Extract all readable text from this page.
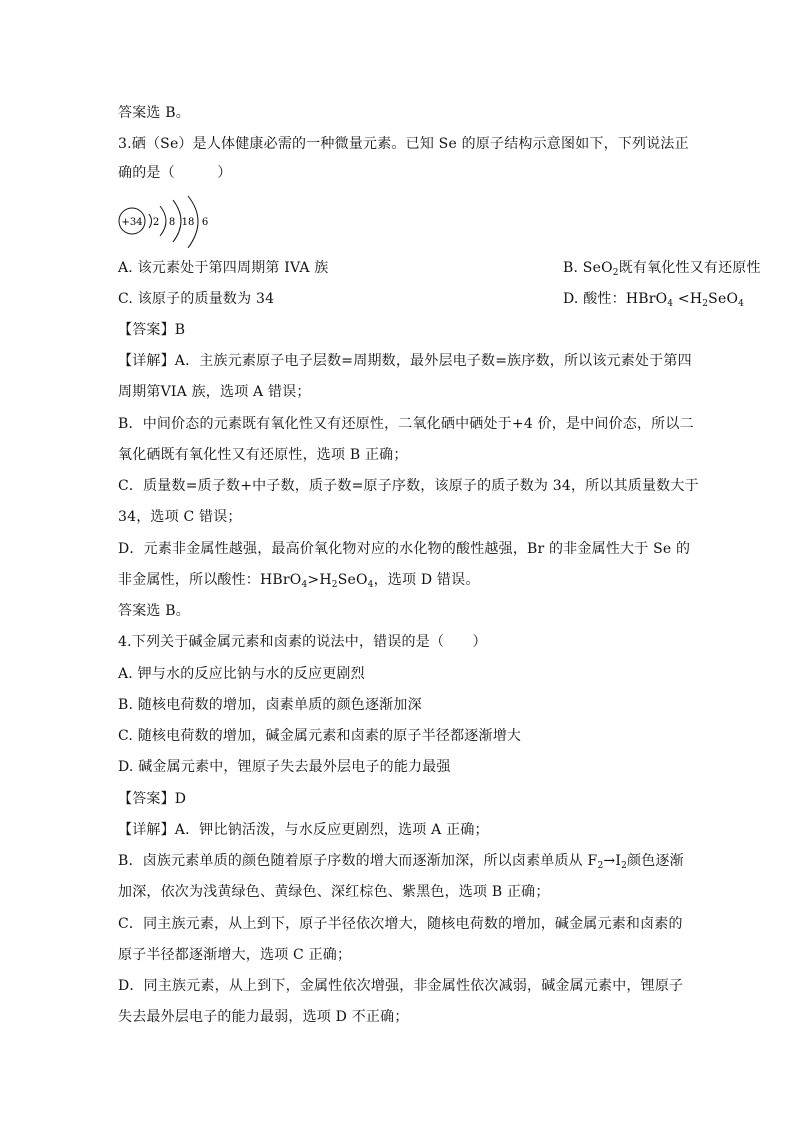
答案选 B。
3.硒（Se）是人体健康必需的一种微量元素。已知 Se 的原子结构示意图如下，下列说法正
确的是（　　　）
+34 2 8 18 6
A. 该元素处于第四周期第 IVA 族	B. SeO$_2$既有氧化性又有还原性
C. 该原子的质量数为 34	D. 酸性：HBrO$_4$ $<H_2SeO_4$
【答案】B
【详解】A．主族元素原子电子层数=周期数，最外层电子数=族序数，所以该元素处于第四
周期第VIA 族，选项 A 错误；
B．中间价态的元素既有氧化性又有还原性，二氧化硒中硒处于+4 价，是中间价态，所以二
氧化硒既有氧化性又有还原性，选项 B 正确；
C．质量数=质子数+中子数，质子数=原子序数，该原子的质子数为 34，所以其质量数大于
34，选项 C 错误；
D．元素非金属性越强，最高价氧化物对应的水化物的酸性越强，Br 的非金属性大于 Se 的
非金属性，所以酸性：$HBrO_4>H_2SeO_4$，选项 D 错误。
答案选 B。
4.下列关于碱金属元素和卤素的说法中，错误的是（　　）
A. 钾与水的反应比钠与水的反应更剧烈
B. 随核电荷数的增加，卤素单质的颜色逐渐加深
C. 随核电荷数的增加，碱金属元素和卤素的原子半径都逐渐增大
D. 碱金属元素中，锂原子失去最外层电子的能力最强
【答案】D
【详解】A．钾比钠活泼，与水反应更剧烈，选项 A 正确；
B．卤族元素单质的颜色随着原子序数的增大而逐渐加深，所以卤素单质从 $F_2\to I_2$颜色逐渐
加深，依次为浅黄绿色、黄绿色、深红棕色、紫黑色，选项 B 正确；
C．同主族元素，从上到下，原子半径依次增大，随核电荷数的增加，碱金属元素和卤素的
原子半径都逐渐增大，选项 C 正确；
D．同主族元素，从上到下，金属性依次增强，非金属性依次减弱，碱金属元素中，锂原子
失去最外层电子的能力最弱，选项 D 不正确；
